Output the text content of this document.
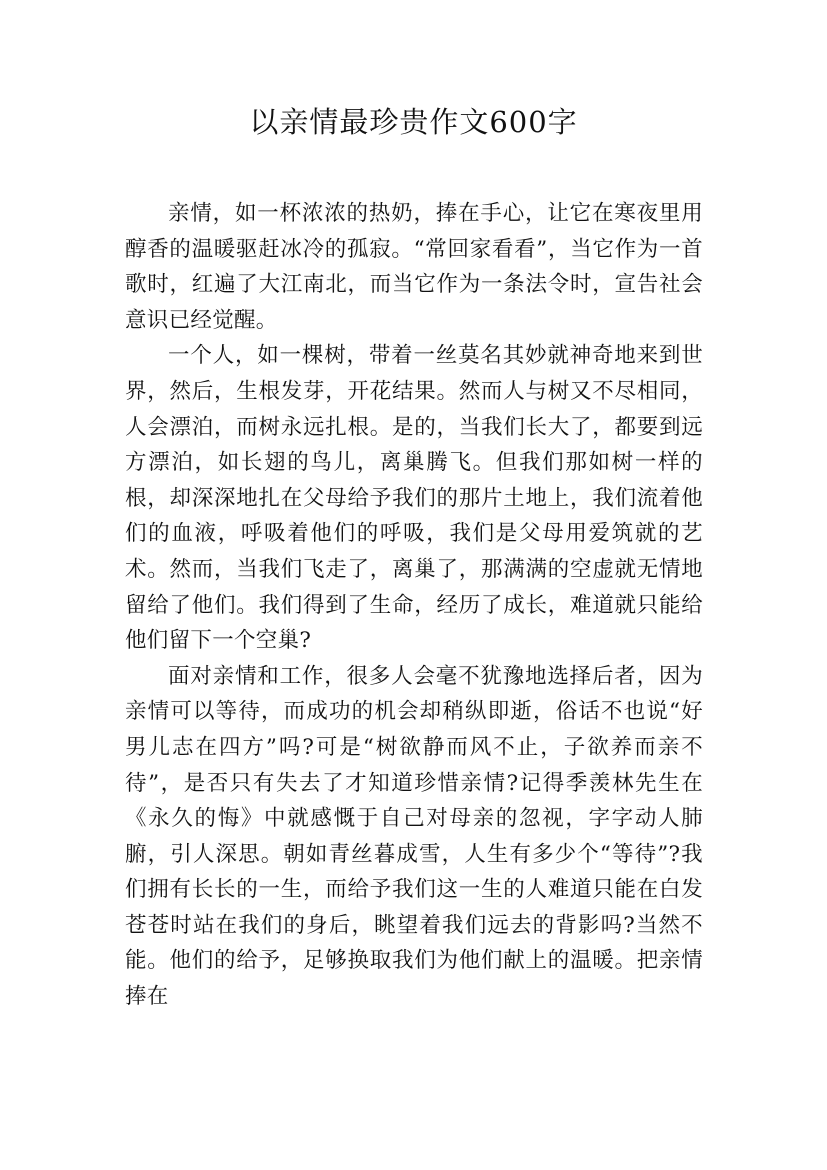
以亲情最珍贵作文600字

亲情，如一杯浓浓的热奶，捧在手心，让它在寒夜里用醇香的温暖驱赶冰冷的孤寂。“常回家看看”，当它作为一首歌时，红遍了大江南北，而当它作为一条法令时，宣告社会意识已经觉醒。

一个人，如一棵树，带着一丝莫名其妙就神奇地来到世界，然后，生根发芽，开花结果。然而人与树又不尽相同，人会漂泊，而树永远扎根。是的，当我们长大了，都要到远方漂泊，如长翅的鸟儿，离巢腾飞。但我们那如树一样的根，却深深地扎在父母给予我们的那片土地上，我们流着他们的血液，呼吸着他们的呼吸，我们是父母用爱筑就的艺术。然而，当我们飞走了，离巢了，那满满的空虚就无情地留给了他们。我们得到了生命，经历了成长，难道就只能给他们留下一个空巢?

面对亲情和工作，很多人会毫不犹豫地选择后者，因为亲情可以等待，而成功的机会却稍纵即逝，俗话不也说“好男儿志在四方”吗?可是“树欲静而风不止，子欲养而亲不待”，是否只有失去了才知道珍惜亲情?记得季羡林先生在《永久的悔》中就感慨于自己对母亲的忽视，字字动人肺腑，引人深思。朝如青丝暮成雪，人生有多少个“等待”?我们拥有长长的一生，而给予我们这一生的人难道只能在白发苍苍时站在我们的身后，眺望着我们远去的背影吗?当然不能。他们的给予，足够换取我们为他们献上的温暖。把亲情捧在
